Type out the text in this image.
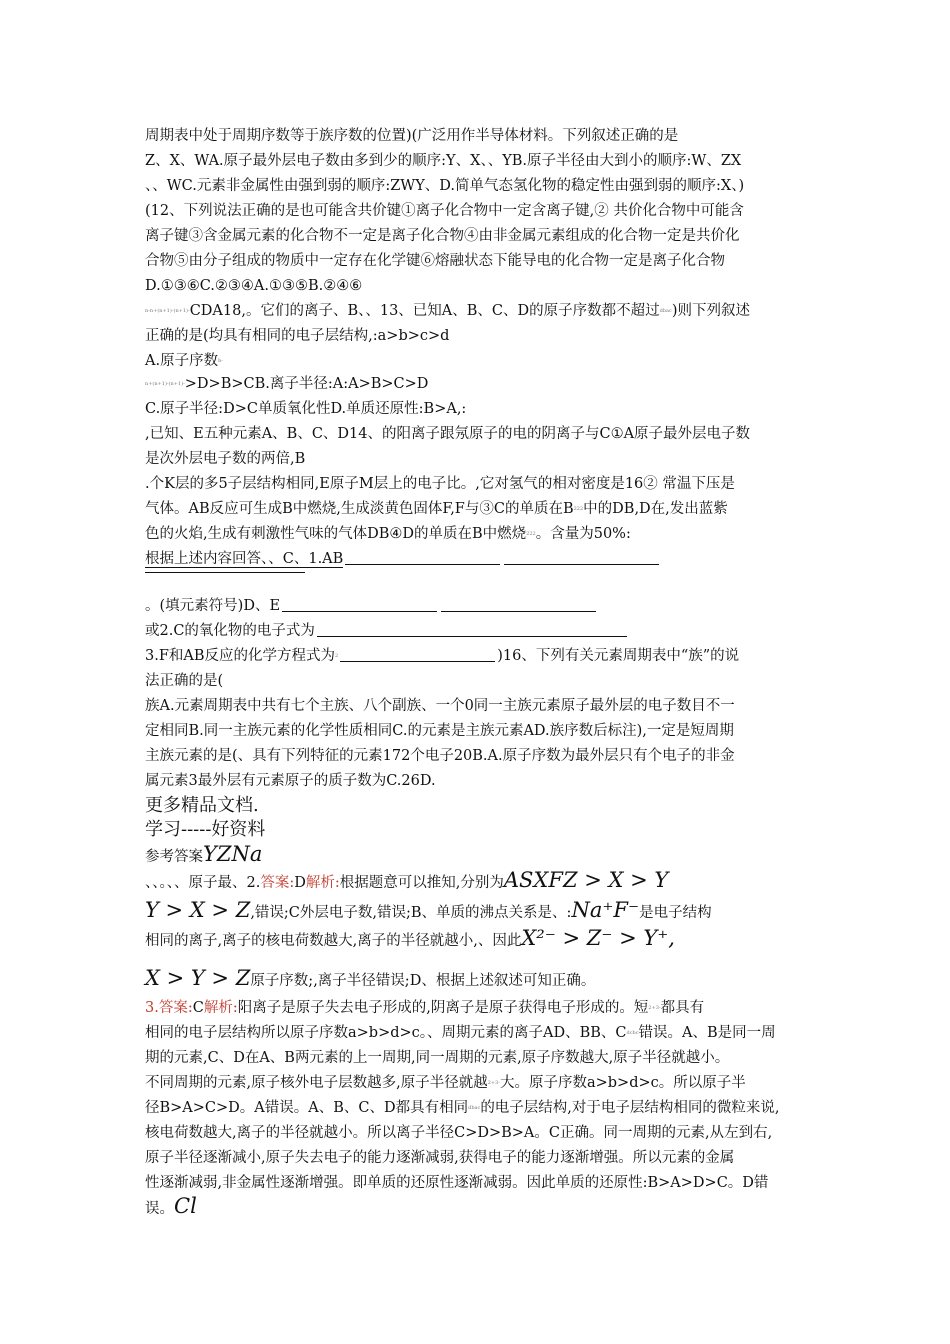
周期表中处于周期序数等于族序数的位置)(广泛用作半导体材料。下列叙述正确的是
Z、X、WA.原子最外层电子数由多到少的顺序:Y、X、、YB.原子半径由大到小的顺序:W、ZX
、、WC.元素非金属性由强到弱的顺序:ZWY、D.简单气态氢化物的稳定性由强到弱的顺序:X、)
(12、下列说法正确的是也可能含共价键①离子化合物中一定含离子键,② 共价化合物中可能含
离子键③含金属元素的化合物不一定是离子化合物④由非金属元素组成的化合物一定是共价化
合物⑤由分子组成的物质中一定存在化学键⑥熔融状态下能导电的化合物一定是离子化合物
D.①③⑥C.②③④A.①③⑤B.②④⑥
n-n+(n+1)-(n+1)-CDA18,。它们的离子、B、、13、已知A、B、C、D的原子序数都不超过dbac)则下列叙述
正确的是(均具有相同的电子层结构,:a>b>c>d
A.原子序数b-
n+(n+1)-(n+1)->D>B>CB.离子半径:A:A>B>C>D
C.原子半径:D>C单质氧化性D.单质还原性:B>A,:
,已知、E五种元素A、B、C、D14、的阳离子跟氖原子的电的阴离子与C①A原子最外层电子数
是次外层电子数的两倍,B
.个K层的多5子层结构相同,E原子M层上的电子比。,它对氢气的相对密度是16② 常温下压是
气体。AB反应可生成B中燃烧,生成淡黄色固体F,F与③C的单质在B222中的DB,D在,发出蓝紫
色的火焰,生成有刺激性气味的气体DB④D的单质在B中燃烧222。含量为50%:
根据上述内容回答、、C、1.AB
。(填元素符号)D、E
或2.C的氧化物的电子式为
3.F和AB反应的化学方程式为2	)16、下列有关元素周期表中“族”的说
法正确的是(
族A.元素周期表中共有七个主族、八个副族、一个0同一主族元素原子最外层的电子数目不一
定相同B.同一主族元素的化学性质相同C.的元素是主族元素AD.族序数后标注),一定是短周期
主族元素的是(、具有下列特征的元素172个电子20B.A.原子序数为最外层只有个电子的非金
属元素3最外层有元素原子的质子数为C.26D.
更多精品文档.
学习-----好资料
参考答案YZNa
、、。、、原子最、2.答案:D解析:根据题意可以推知,分别为ASXFZ > X > Y
Y > X > Z,错误;C外层电子数,错误;B、单质的沸点关系是、:Na⁺F⁻是电子结构
相同的离子,离子的核电荷数越大,离子的半径就越小,、因此X²⁻ > Z⁻ > Y⁺,
X > Y > Z原子序数;,离子半径错误;D、根据上述叙述可知正确。
3.答案:C解析:阳离子是原子失去电子形成的,阴离子是原子获得电子形成的。短2+3-都具有
相同的电子层结构所以原子序数a>b>d>c。、周期元素的离子AD、BB、Cdcbc错误。A、B是同一周
期的元素,C、D在A、B两元素的上一周期,同一周期的元素,原子序数越大,原子半径就越小。
不同周期的元素,原子核外电子层数越多,原子半径就越2+3-大。原子序数a>b>d>c。所以原子半
径B>A>C>D。A错误。A、B、C、D都具有相同dbac的电子层结构,对于电子层结构相同的微粒来说,
核电荷数越大,离子的半径就越小。所以离子半径C>D>B>A。C正确。同一周期的元素,从左到右,
原子半径逐渐减小,原子失去电子的能力逐渐减弱,获得电子的能力逐渐增强。所以元素的金属
性逐渐减弱,非金属性逐渐增强。即单质的还原性逐渐减弱。因此单质的还原性:B>A>D>C。D错
误。Cl
